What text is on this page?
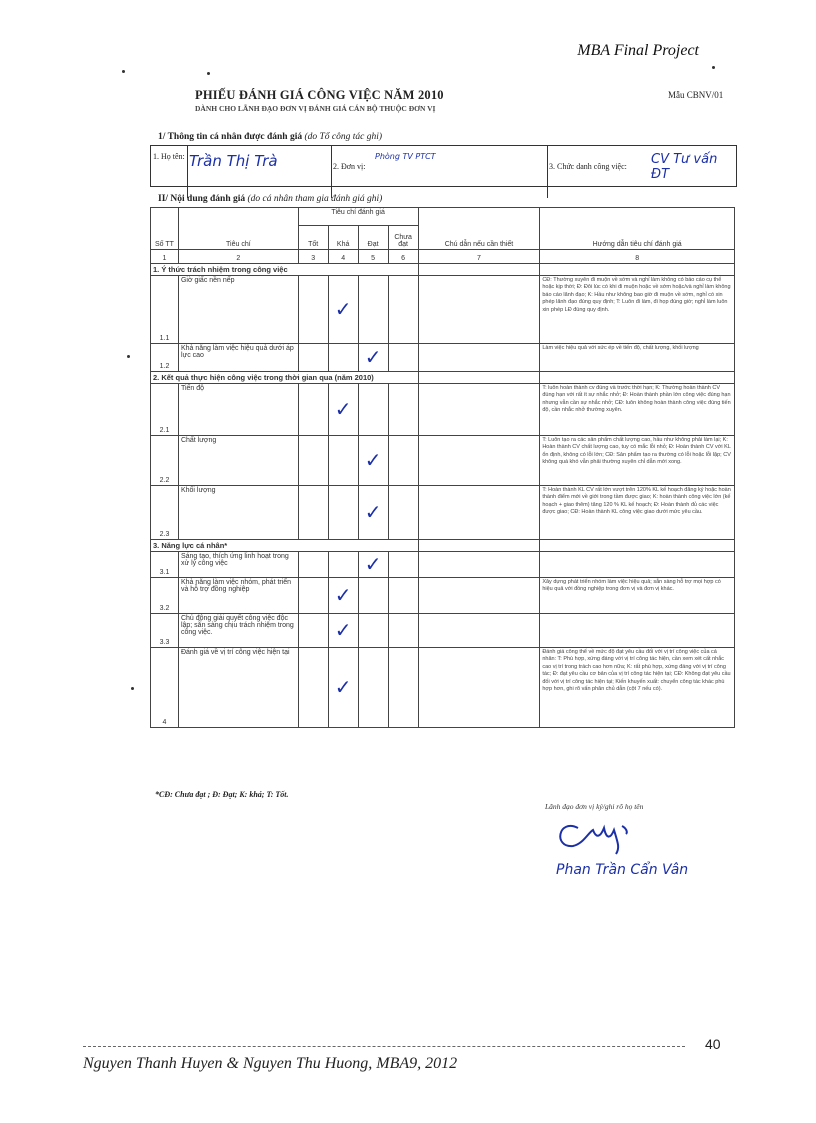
MBA Final Project
PHIẾU ĐÁNH GIÁ CÔNG VIỆC NĂM 2010
DÀNH CHO LÃNH ĐẠO ĐƠN VỊ ĐÁNH GIÁ CÁN BỘ THUỘC ĐƠN VỊ
Mẫu CBNV/01
1/ Thông tin cá nhân được đánh giá (do Tổ công tác ghi)
1. Họ tên: Trần Thị Trà	2. Đơn vị:
Phòng TV PTCT
3. Chức danh công việc:	CV Tư vấn ĐT
II/ Nội dung đánh giá (do cá nhân tham gia đánh giá ghi)
Số TT	Tiêu chí	Tiêu chí đánh giá				Chú dẫn nếu cần thiết	Hướng dẫn tiêu chí đánh giá
		Tốt	Khá	Đạt	Chưa đạt		
1	2	3	4	5	6	7	8
1. Ý thức trách nhiệm trong công việc							
1.1	Giờ giấc nền nếp		✓				CĐ: Thường xuyên đi muộn về sớm và nghỉ làm không có báo cáo cụ thể hoặc kịp thời; Đ: Đôi lúc có khi đi muộn hoặc về sớm hoặc/và nghỉ làm không báo cáo lãnh đạo; K: Hầu như không bao giờ đi muộn về sớm, nghỉ có xin phép lãnh đạo đúng quy định; T: Luôn đi làm, đi họp đúng giờ; nghỉ làm luôn xin phép LĐ đúng quy định.
1.2	Khả năng làm việc hiệu quả dưới áp lực cao			✓			Làm việc hiệu quả với sức ép về tiến độ, chất lượng, khối lượng
2. Kết quả thực hiện công việc trong thời gian qua (năm 2010)							
2.1	Tiến độ		✓				T: luôn hoàn thành cv đúng và trước thời hạn; K: Thường hoàn thành CV đúng hạn với rất ít sự nhắc nhở; Đ: Hoàn thành phần lớn công việc đúng hạn nhưng vẫn cần sự nhắc nhở; CĐ: luôn không hoàn thành công việc đúng tiến độ, cần nhắc nhở thường xuyên.
2.2	Chất lượng			✓			T: Luôn tạo ra các sản phẩm chất lượng cao, hầu như không phải làm lại; K: Hoàn thành CV chất lượng cao, tuy có mắc lỗi nhỏ; Đ: Hoàn thành CV với KL ổn định, không có lỗi lớn; CĐ: Sản phẩm tạo ra thường có lỗi hoặc lỗi lặp; CV không quá khó vẫn phải thường xuyên chỉ dẫn mới xong.
2.3	Khối lượng			✓			T: Hoàn thành KL CV rất lớn vượt trên 120% KL kế hoạch đăng ký hoặc hoàn thành điểm mới về giới trong tầm được giao; K: hoàn thành công việc lớn (kế hoạch + giao thêm) tăng 120 % KL kế hoạch; Đ: Hoàn thành đủ các việc được giao; CĐ: Hoàn thành KL công việc giao dưới mức yêu cầu.
3. Năng lực cá nhân*							
3.1	Sáng tạo, thích ứng linh hoạt trong xử lý công việc			✓			
3.2	Khả năng làm việc nhóm, phát triển và hỗ trợ đồng nghiệp		✓				Xây dựng phát triển nhóm làm việc hiệu quả; sẵn sàng hỗ trợ mọi hợp có hiệu quả với đồng nghiệp trong đơn vị và đơn vị khác.
3.3	Chủ động giải quyết công việc độc lập; sẵn sàng chịu trách nhiệm trong công việc.		✓				
4	Đánh giá về vị trí công việc hiện tại		✓				Đánh giá công thể về mức độ đạt yêu cầu đối với vị trí công việc của cá nhân: T: Phù hợp, xứng đáng với vị trí công tác hiện, cần xem xét cất nhắc cao vị trí trong trách cao hơn nữa; K: rất phù hợp, xứng đáng với vị trí công tác; Đ: đạt yêu cầu cơ bản của vị trí công tác hiện tại; CĐ: Không đạt yêu cầu đối với vị trí công tác hiện tại; Kiến khuyến xuất: chuyển công tác khác phù hợp hơn, ghi rõ vấn phân chủ dẫn (cột 7 nếu có).
*CĐ: Chưa đạt ; Đ: Đạt; K: khá; T: Tốt.
Lãnh đạo đơn vị ký/ghi rõ họ tên
Phan Trần Cẩn Vân
40
Nguyen Thanh Huyen & Nguyen Thu Huong, MBA9, 2012
